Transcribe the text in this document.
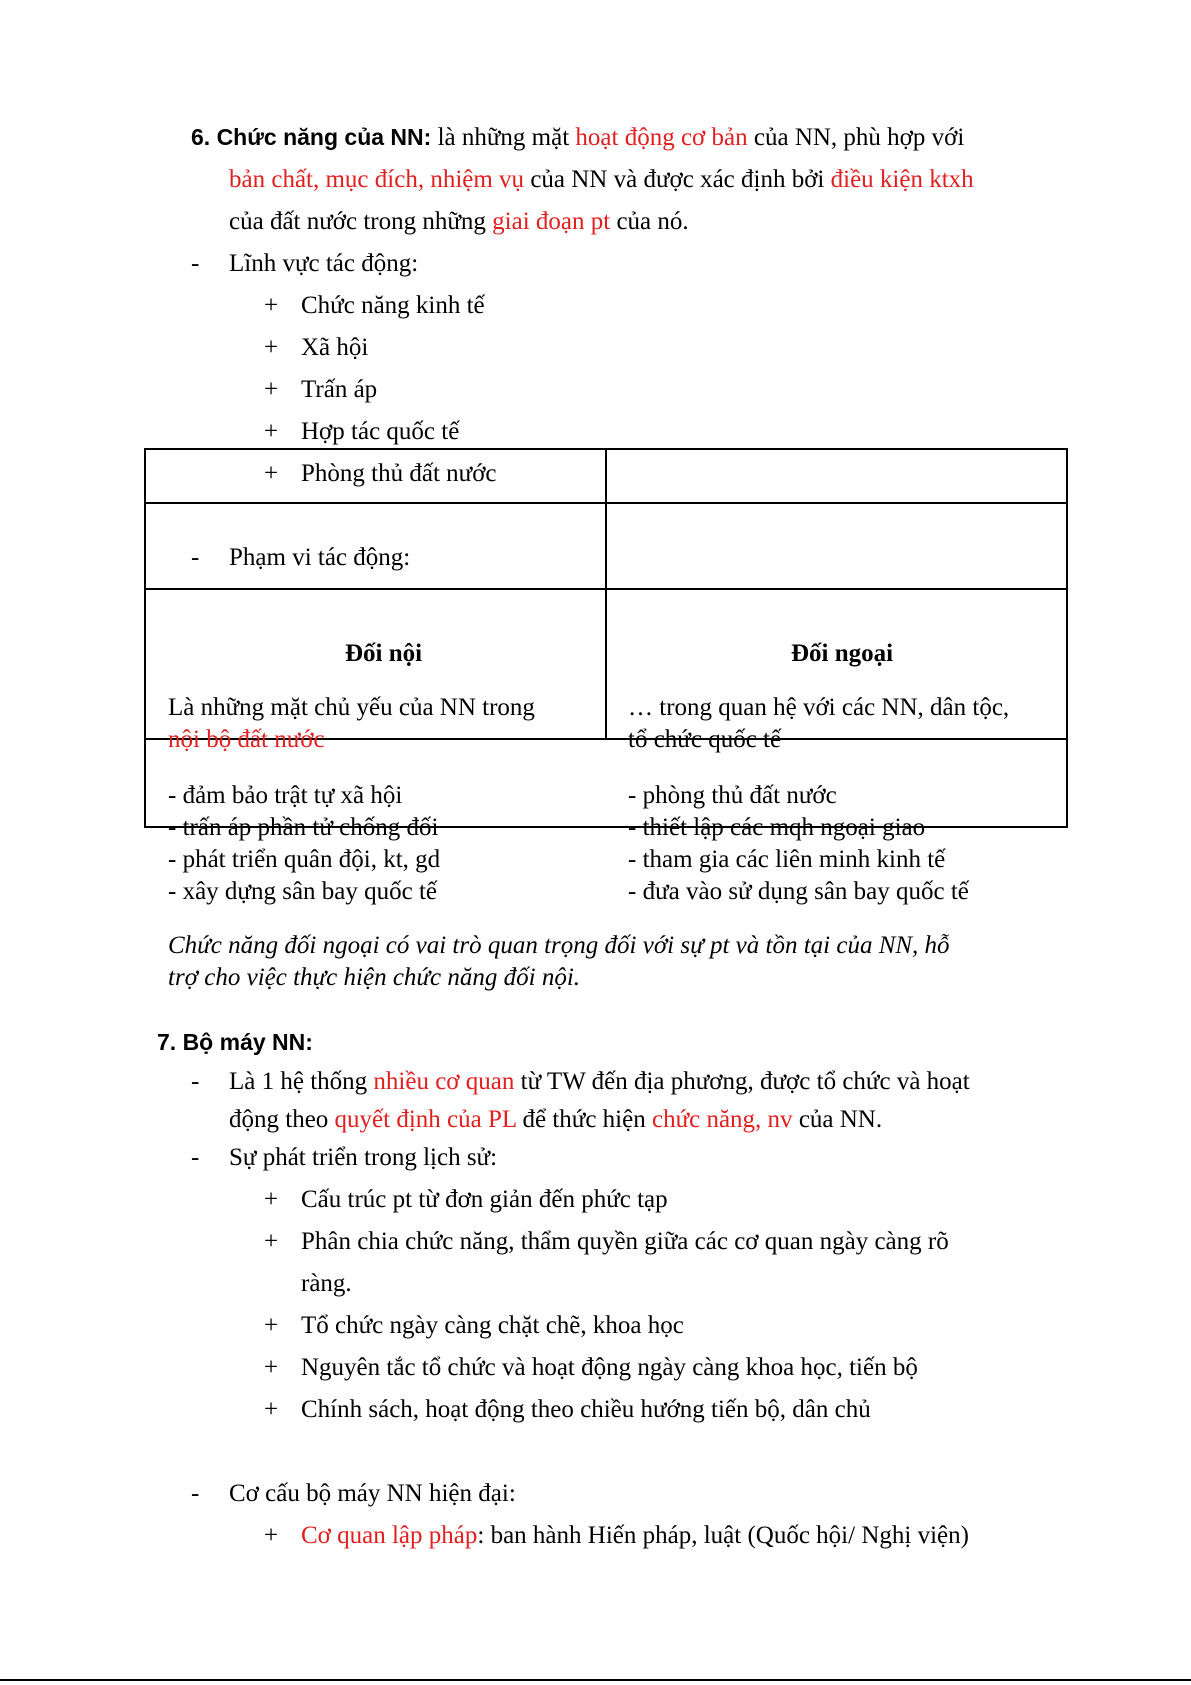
6. Chức năng của NN: là những mặt hoạt động cơ bản của NN, phù hợp với
bản chất, mục đích, nhiệm vụ của NN và được xác định bởi điều kiện ktxh
của đất nước trong những giai đoạn pt của nó.
- Lĩnh vực tác động:
+ Chức năng kinh tế
+ Xã hội
+ Trấn áp
+ Hợp tác quốc tế
+ Phòng thủ đất nước
- Phạm vi tác động:
Đối nội	Đối ngoại
Là những mặt chủ yếu của NN trong
nội bộ đất nước
… trong quan hệ với các NN, dân tộc,
tổ chức quốc tế
- đảm bảo trật tự xã hội
- trấn áp phần tử chống đối
- phát triển quân đội, kt, gd
- xây dựng sân bay quốc tế
- phòng thủ đất nước
- thiết lập các mqh ngoại giao
- tham gia các liên minh kinh tế
- đưa vào sử dụng sân bay quốc tế
Chức năng đối ngoại có vai trò quan trọng đối với sự pt và tồn tại của NN, hỗ
trợ cho việc thực hiện chức năng đối nội.
7. Bộ máy NN:
- Là 1 hệ thống nhiều cơ quan từ TW đến địa phương, được tổ chức và hoạt
động theo quyết định của PL để thức hiện chức năng, nv của NN.
- Sự phát triển trong lịch sử:
+ Cấu trúc pt từ đơn giản đến phức tạp
+ Phân chia chức năng, thẩm quyền giữa các cơ quan ngày càng rõ
ràng.
+ Tổ chức ngày càng chặt chẽ, khoa học
+ Nguyên tắc tổ chức và hoạt động ngày càng khoa học, tiến bộ
+ Chính sách, hoạt động theo chiều hướng tiến bộ, dân chủ
- Cơ cấu bộ máy NN hiện đại:
+ Cơ quan lập pháp: ban hành Hiến pháp, luật (Quốc hội/ Nghị viện)
